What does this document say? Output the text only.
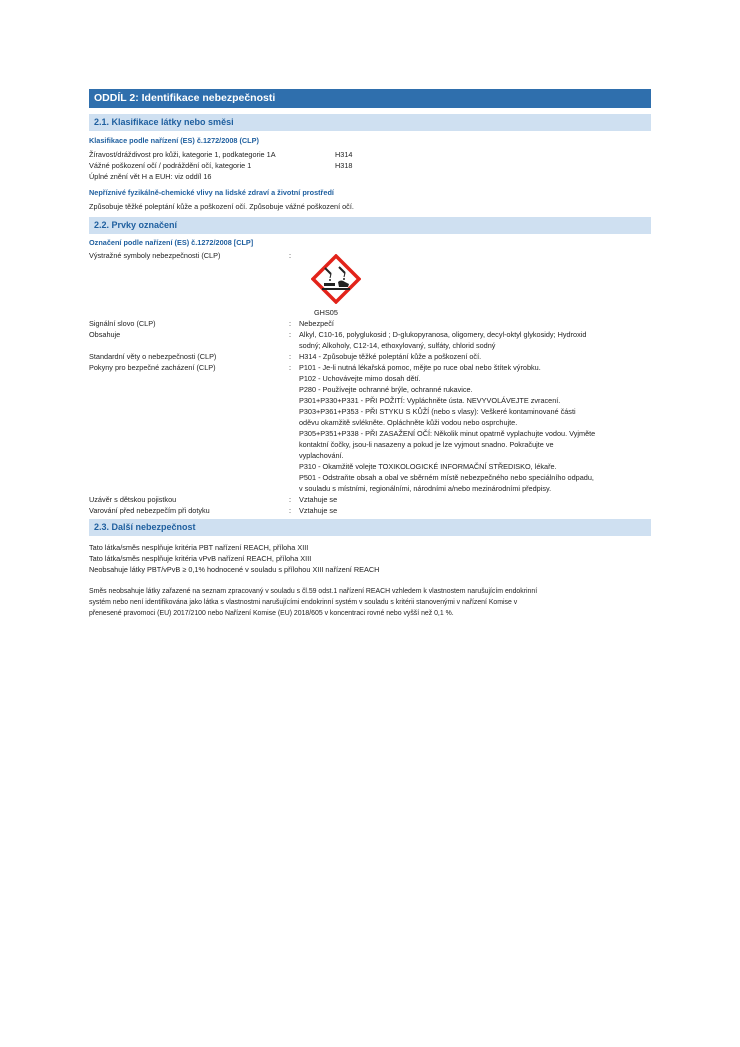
ODDÍL 2: Identifikace nebezpečnosti
2.1. Klasifikace látky nebo směsi
Klasifikace podle nařízení (ES) č.1272/2008 (CLP)
Žíravost/dráždivost pro kůži, kategorie 1, podkategorie 1A	H314
Vážné poškození očí / podráždění očí, kategorie 1	H318
Úplné znění vět H a EUH: viz oddíl 16
Nepříznivé fyzikálně-chemické vlivy na lidské zdraví a životní prostředí
Způsobuje těžké poleptání kůže a poškození očí. Způsobuje vážné poškození očí.
2.2. Prvky označení
Označení podle nařízení (ES) č.1272/2008 [CLP]
Výstražné symboly nebezpečnosti (CLP)	:
GHS05
Signální slovo (CLP)	:	Nebezpečí
Obsahuje	:	Alkyl, C10-16, polyglukosid ; D-glukopyranosa, oligomery, decyl-oktyl glykosidy; Hydroxid
sodný; Alkoholy, C12-14, ethoxylovaný, sulfáty, chlorid sodný
Standardní věty o nebezpečnosti (CLP)	:	H314 - Způsobuje těžké poleptání kůže a poškození očí.
Pokyny pro bezpečné zacházení (CLP)	:	P101 - Je-li nutná lékařská pomoc, mějte po ruce obal nebo štítek výrobku.
P102 - Uchovávejte mimo dosah dětí.
P280 - Používejte ochranné brýle, ochranné rukavice.
P301+P330+P331 - PŘI POŽITÍ: Vypláchněte ústa. NEVYVOLÁVEJTE zvracení.
P303+P361+P353 - PŘI STYKU S KŮŽÍ (nebo s vlasy): Veškeré kontaminované části
oděvu okamžitě svlékněte. Opláchněte kůži vodou nebo osprchujte.
P305+P351+P338 - PŘI ZASAŽENÍ OČÍ: Několik minut opatrně vyplachujte vodou. Vyjměte
kontaktní čočky, jsou-li nasazeny a pokud je lze vyjmout snadno. Pokračujte ve
vyplachování.
P310 - Okamžitě volejte TOXIKOLOGICKÉ INFORMAČNÍ STŘEDISKO, lékaře.
P501 - Odstraňte obsah a obal ve sběrném místě nebezpečného nebo speciálního odpadu,
v souladu s místními, regionálními, národními a/nebo mezinárodními předpisy.
Uzávěr s dětskou pojistkou	:	Vztahuje se
Varování před nebezpečím při dotyku	:	Vztahuje se
2.3. Další nebezpečnost
Tato látka/směs nesplňuje kritéria PBT nařízení REACH, příloha XIII
Tato látka/směs nesplňuje kritéria vPvB nařízení REACH, příloha XIII
Neobsahuje látky PBT/vPvB ≥ 0,1% hodnocené v souladu s přílohou XIII nařízení REACH
Směs neobsahuje látky zařazené na seznam zpracovaný v souladu s čl.59 odst.1 nařízení REACH vzhledem k vlastnostem narušujícím endokrinní
systém nebo není identifikována jako látka s vlastnostmi narušujícími endokrinní systém v souladu s kritérii stanovenými v nařízení Komise v
přenesené pravomoci (EU) 2017/2100 nebo Nařízení Komise (EU) 2018/605 v koncentraci rovné nebo vyšší než 0,1 %.
